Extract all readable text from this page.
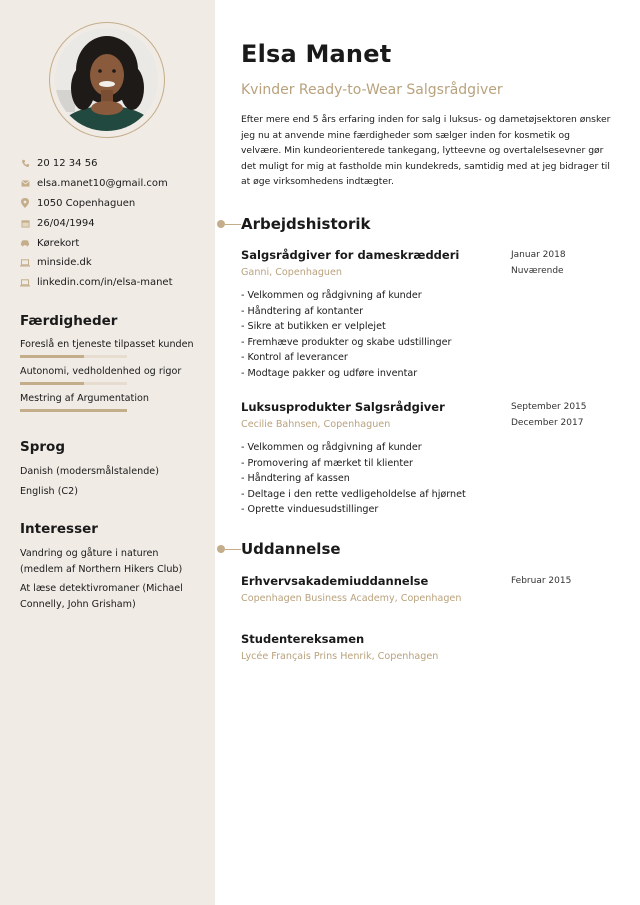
20 12 34 56
elsa.manet10@gmail.com
1050 Copenhaguen
26/04/1994
Kørekort
minside.dk
linkedin.com/in/elsa-manet
Færdigheder
Foreslå en tjeneste tilpasset kunden
Autonomi, vedholdenhed og rigor
Mestring af Argumentation
Sprog
Danish (modersmålstalende)
English (C2)
Interesser
Vandring og gåture i naturen (medlem af Northern Hikers Club)
At læse detektivromaner (Michael Connelly, John Grisham)
Elsa Manet
Kvinder Ready-to-Wear Salgsrådgiver
Efter mere end 5 års erfaring inden for salg i luksus- og dametøjsektoren ønsker jeg nu at anvende mine færdigheder som sælger inden for kosmetik og velvære. Min kundeorienterede tankegang, lytteevne og overtalelsesevner gør det muligt for mig at fastholde min kundekreds, samtidig med at jeg bidrager til at øge virksomhedens indtægter.
Arbejdshistorik
Salgsrådgiver for dameskrædderi
Ganni, Copenhaguen
Januar 2018
Nuværende
- Velkommen og rådgivning af kunder
- Håndtering af kontanter
- Sikre at butikken er velplejet
- Fremhæve produkter og skabe udstillinger
- Kontrol af leverancer
- Modtage pakker og udføre inventar
Luksusprodukter Salgsrådgiver
Cecilie Bahnsen, Copenhaguen
September 2015
December 2017
- Velkommen og rådgivning af kunder
- Promovering af mærket til klienter
- Håndtering af kassen
- Deltage i den rette vedligeholdelse af hjørnet
- Oprette vinduesudstillinger
Uddannelse
Erhvervsakademiuddannelse
Copenhagen Business Academy, Copenhagen
Februar 2015
Studentereksamen
Lycée Français Prins Henrik, Copenhagen
